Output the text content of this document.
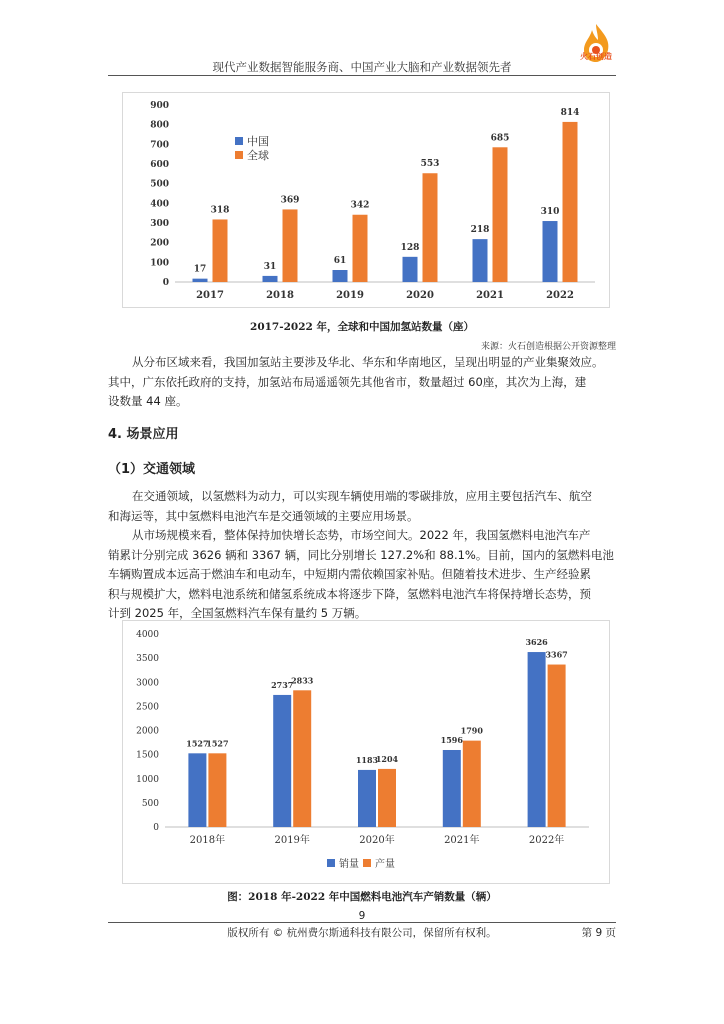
火石创造
现代产业数据智能服务商、中国产业大脑和产业数据领先者
0
100
200
300
400
500
600
700
800
900
17
318
2017
31
369
2018
61
342
2019
128
553
2020
218
685
2021
310
814
2022
中国
全球
2017-2022 年，全球和中国加氢站数量（座）
来源：火石创造根据公开资源整理
从分布区域来看，我国加氢站主要涉及华北、华东和华南地区，呈现出明显的产业集聚效应。
其中，广东依托政府的支持，加氢站布局遥遥领先其他省市，数量超过 60座，其次为上海，建
设数量 44 座。
4. 场景应用
（1）交通领域
在交通领域，以氢燃料为动力，可以实现车辆使用端的零碳排放，应用主要包括汽车、航空
和海运等，其中氢燃料电池汽车是交通领域的主要应用场景。
从市场规模来看，整体保持加快增长态势，市场空间大。2022 年，我国氢燃料电池汽车产
销累计分别完成 3626 辆和 3367 辆，同比分别增长 127.2%和 88.1%。目前，国内的氢燃料电池
车辆购置成本远高于燃油车和电动车，中短期内需依赖国家补贴。但随着技术进步、生产经验累
积与规模扩大，燃料电池系统和储氢系统成本将逐步下降，氢燃料电池汽车将保持增长态势，预
计到 2025 年，全国氢燃料汽车保有量约 5 万辆。
0
500
1000
1500
2000
2500
3000
3500
4000
1527
1527
2018年
2737
2833
2019年
1183
1204
2020年
1596
1790
2021年
3626
3367
2022年
销量 产量
图：2018 年-2022 年中国燃料电池汽车产销数量（辆）
9
版权所有 © 杭州费尔斯通科技有限公司，保留所有权利。	第 9 页
